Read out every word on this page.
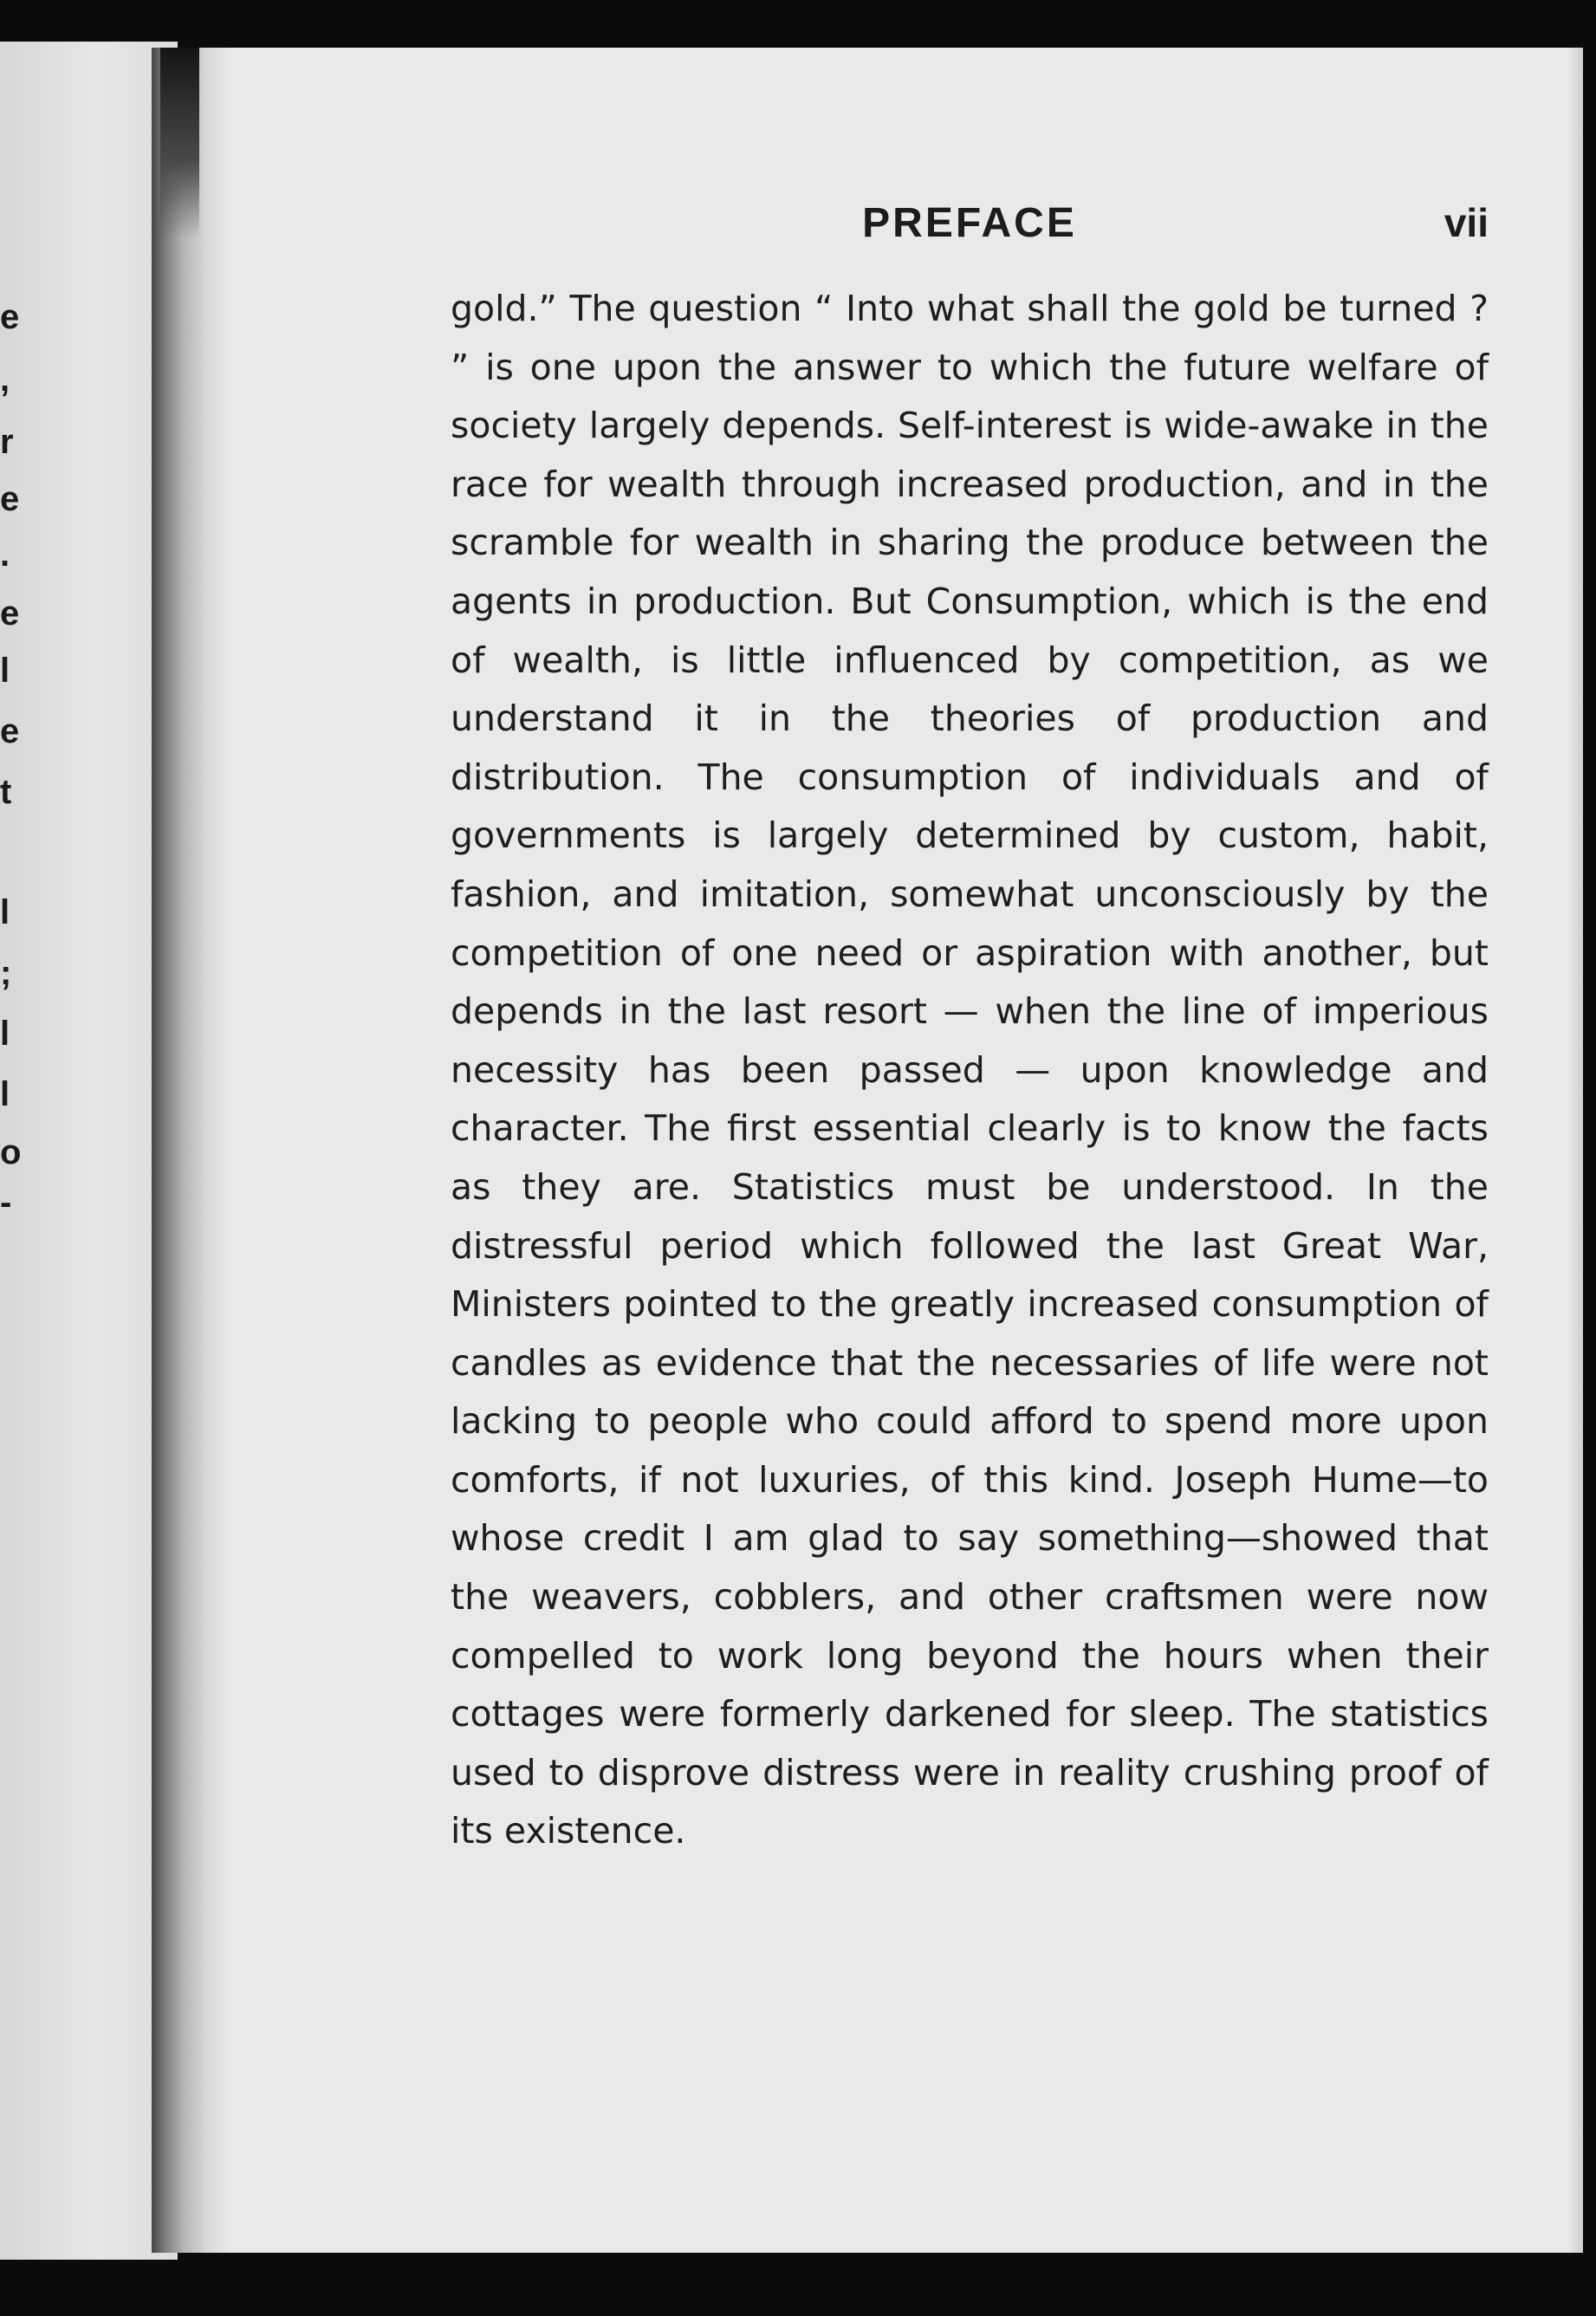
e
,
r
e
.
e
l
e
t
l
;
l
l
o
-
PREFACE	vii

gold.” The question “ Into what shall the gold be turned ? ” is one upon the answer to which the future welfare of society largely depends. Self-interest is wide-awake in the race for wealth through increased production, and in the scramble for wealth in sharing the produce between the agents in production. But Consumption, which is the end of wealth, is little influenced by competition, as we understand it in the theories of production and distribution. The consumption of individuals and of governments is largely determined by custom, habit, fashion, and imitation, somewhat unconsciously by the competition of one need or aspiration with another, but depends in the last resort — when the line of imperious necessity has been passed — upon knowledge and character. The first essential clearly is to know the facts as they are. Statistics must be understood. In the distressful period which followed the last Great War, Ministers pointed to the greatly increased consumption of candles as evidence that the necessaries of life were not lacking to people who could afford to spend more upon comforts, if not luxuries, of this kind. Joseph Hume—to whose credit I am glad to say something—showed that the weavers, cobblers, and other craftsmen were now compelled to work long beyond the hours when their cottages were formerly darkened for sleep. The statistics used to disprove distress were in reality crushing proof of its existence.
